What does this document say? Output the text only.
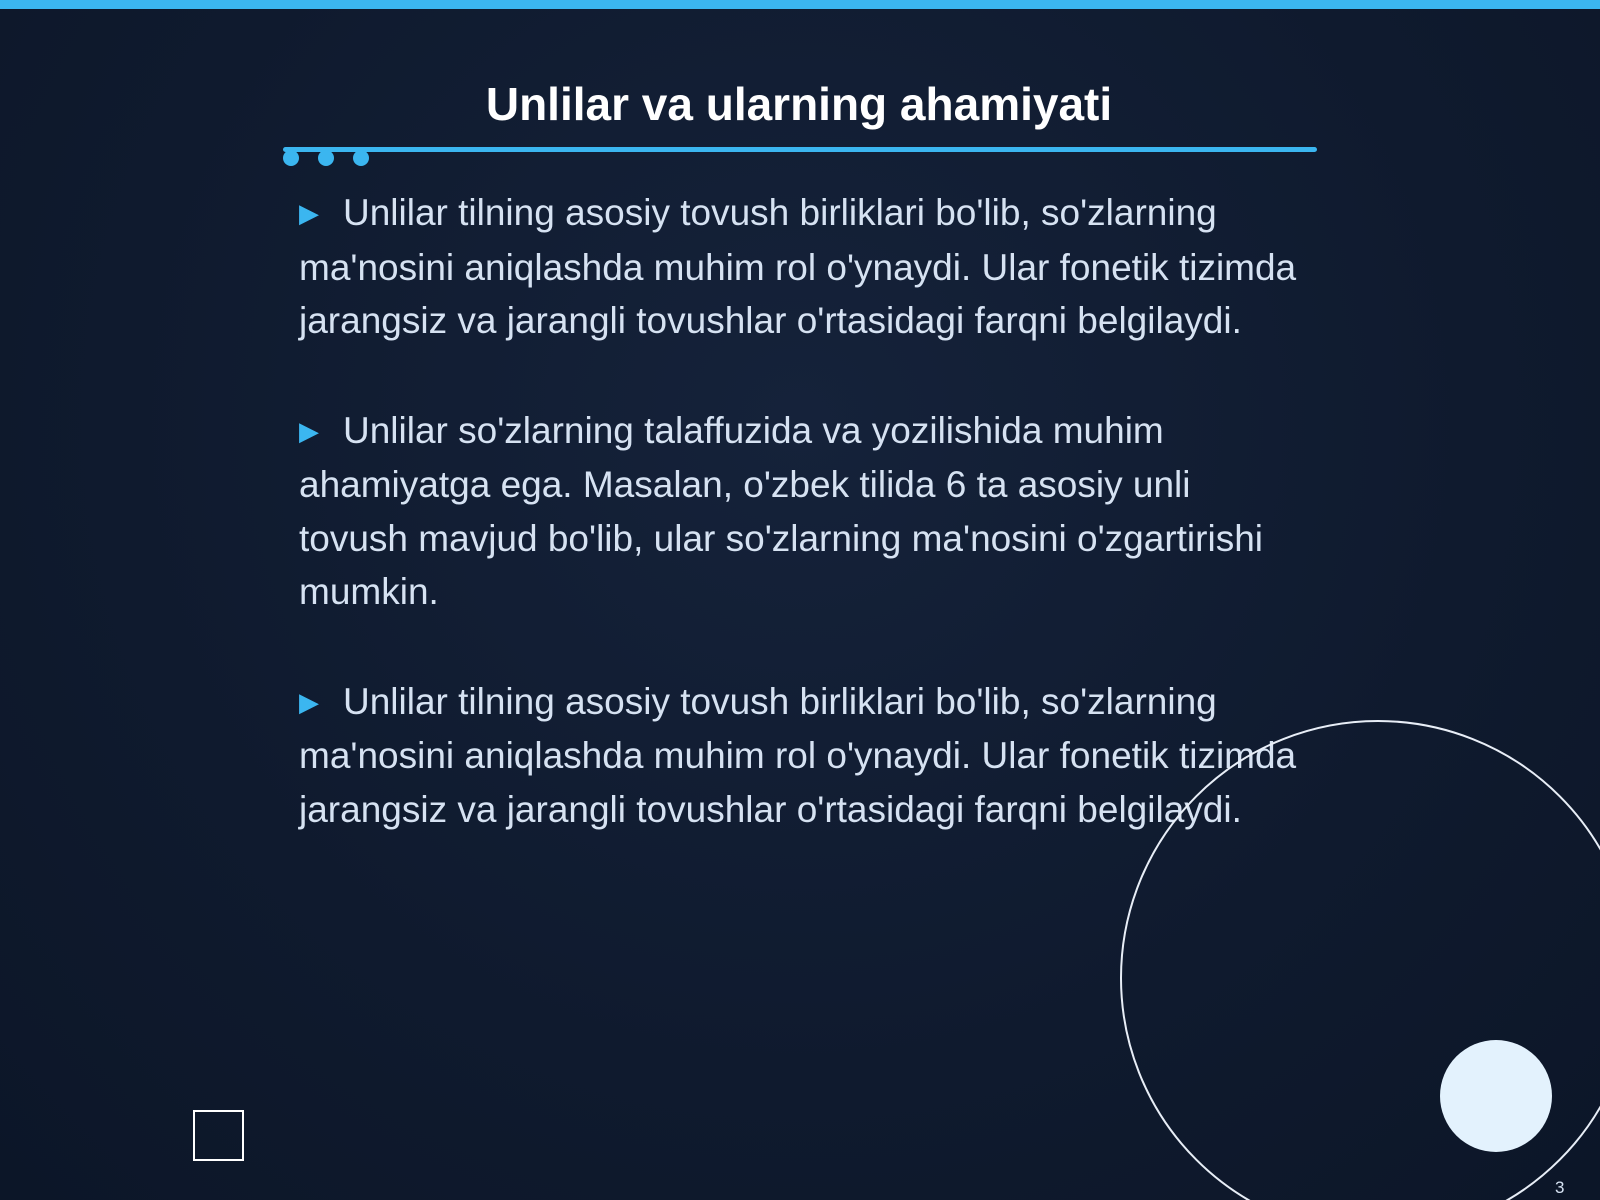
Unlilar va ularning ahamiyati

▶ Unlilar tilning asosiy tovush birliklari bo'lib, so'zlarning ma'nosini aniqlashda muhim rol o'ynaydi. Ular fonetik tizimda jarangsiz va jarangli tovushlar o'rtasidagi farqni belgilaydi.

▶ Unlilar so'zlarning talaffuzida va yozilishida muhim ahamiyatga ega. Masalan, o'zbek tilida 6 ta asosiy unli tovush mavjud bo'lib, ular so'zlarning ma'nosini o'zgartirishi mumkin.

▶ Unlilar tilning asosiy tovush birliklari bo'lib, so'zlarning ma'nosini aniqlashda muhim rol o'ynaydi. Ular fonetik tizimda jarangsiz va jarangli tovushlar o'rtasidagi farqni belgilaydi.

3
